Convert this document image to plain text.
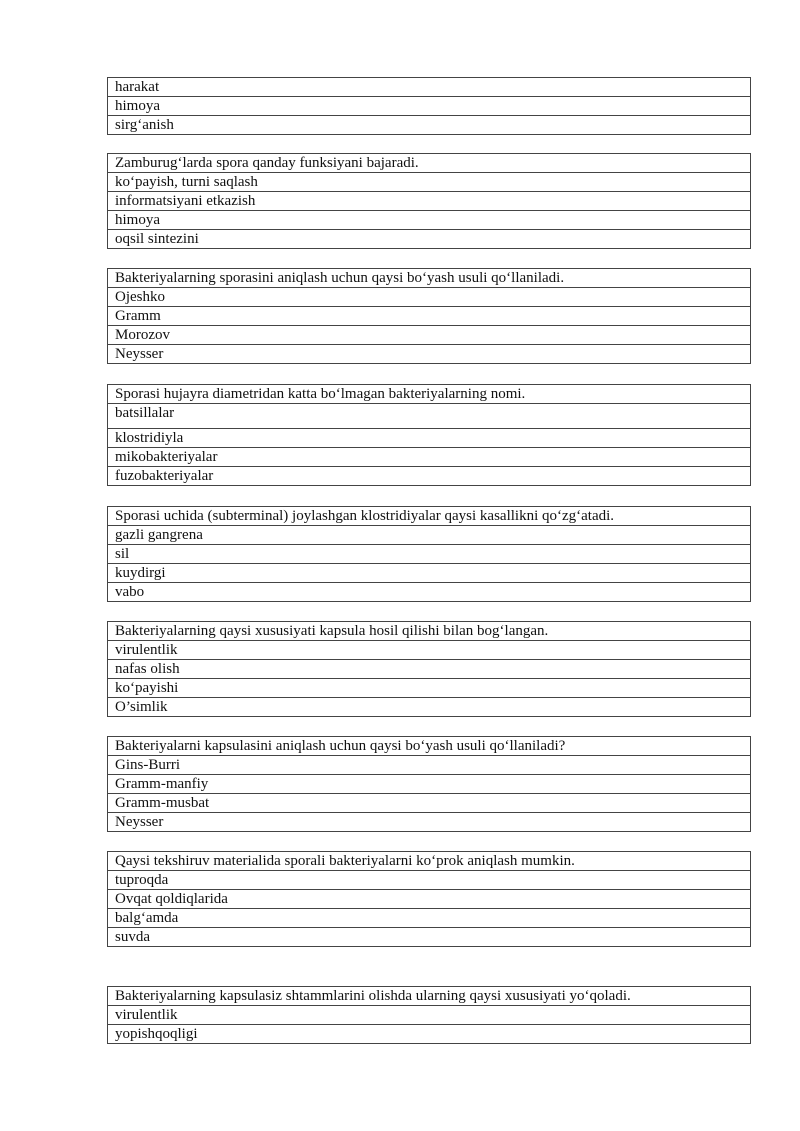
harakat
himoya
sirg‘anish
Zamburug‘larda spora qanday funksiyani bajaradi.
ko‘payish, turni saqlash
informatsiyani etkazish
himoya
oqsil sintezini
Bakteriyalarning sporasini aniqlash uchun qaysi bo‘yash usuli qo‘llaniladi.
Ojeshko
Gramm
Morozov
Neysser
Sporasi hujayra diametridan katta bo‘lmagan bakteriyalarning nomi.
batsillalar
klostridiyla
mikobakteriyalar
fuzobakteriyalar
Sporasi uchida (subterminal) joylashgan klostridiyalar qaysi kasallikni qo‘zg‘atadi.
gazli gangrena
sil
kuydirgi
vabo
Bakteriyalarning qaysi xususiyati kapsula hosil qilishi bilan bog‘langan.
virulentlik
nafas olish
ko‘payishi
O’simlik
Bakteriyalarni kapsulasini aniqlash uchun qaysi bo‘yash usuli qo‘llaniladi?
Gins-Burri
Gramm-manfiy
Gramm-musbat
Neysser
Qaysi tekshiruv materialida sporali bakteriyalarni ko‘prok aniqlash mumkin.
tuproqda
Ovqat qoldiqlarida
balg‘amda
suvda
Bakteriyalarning kapsulasiz shtammlarini olishda ularning qaysi xususiyati yo‘qoladi.
virulentlik
yopishqoqligi
